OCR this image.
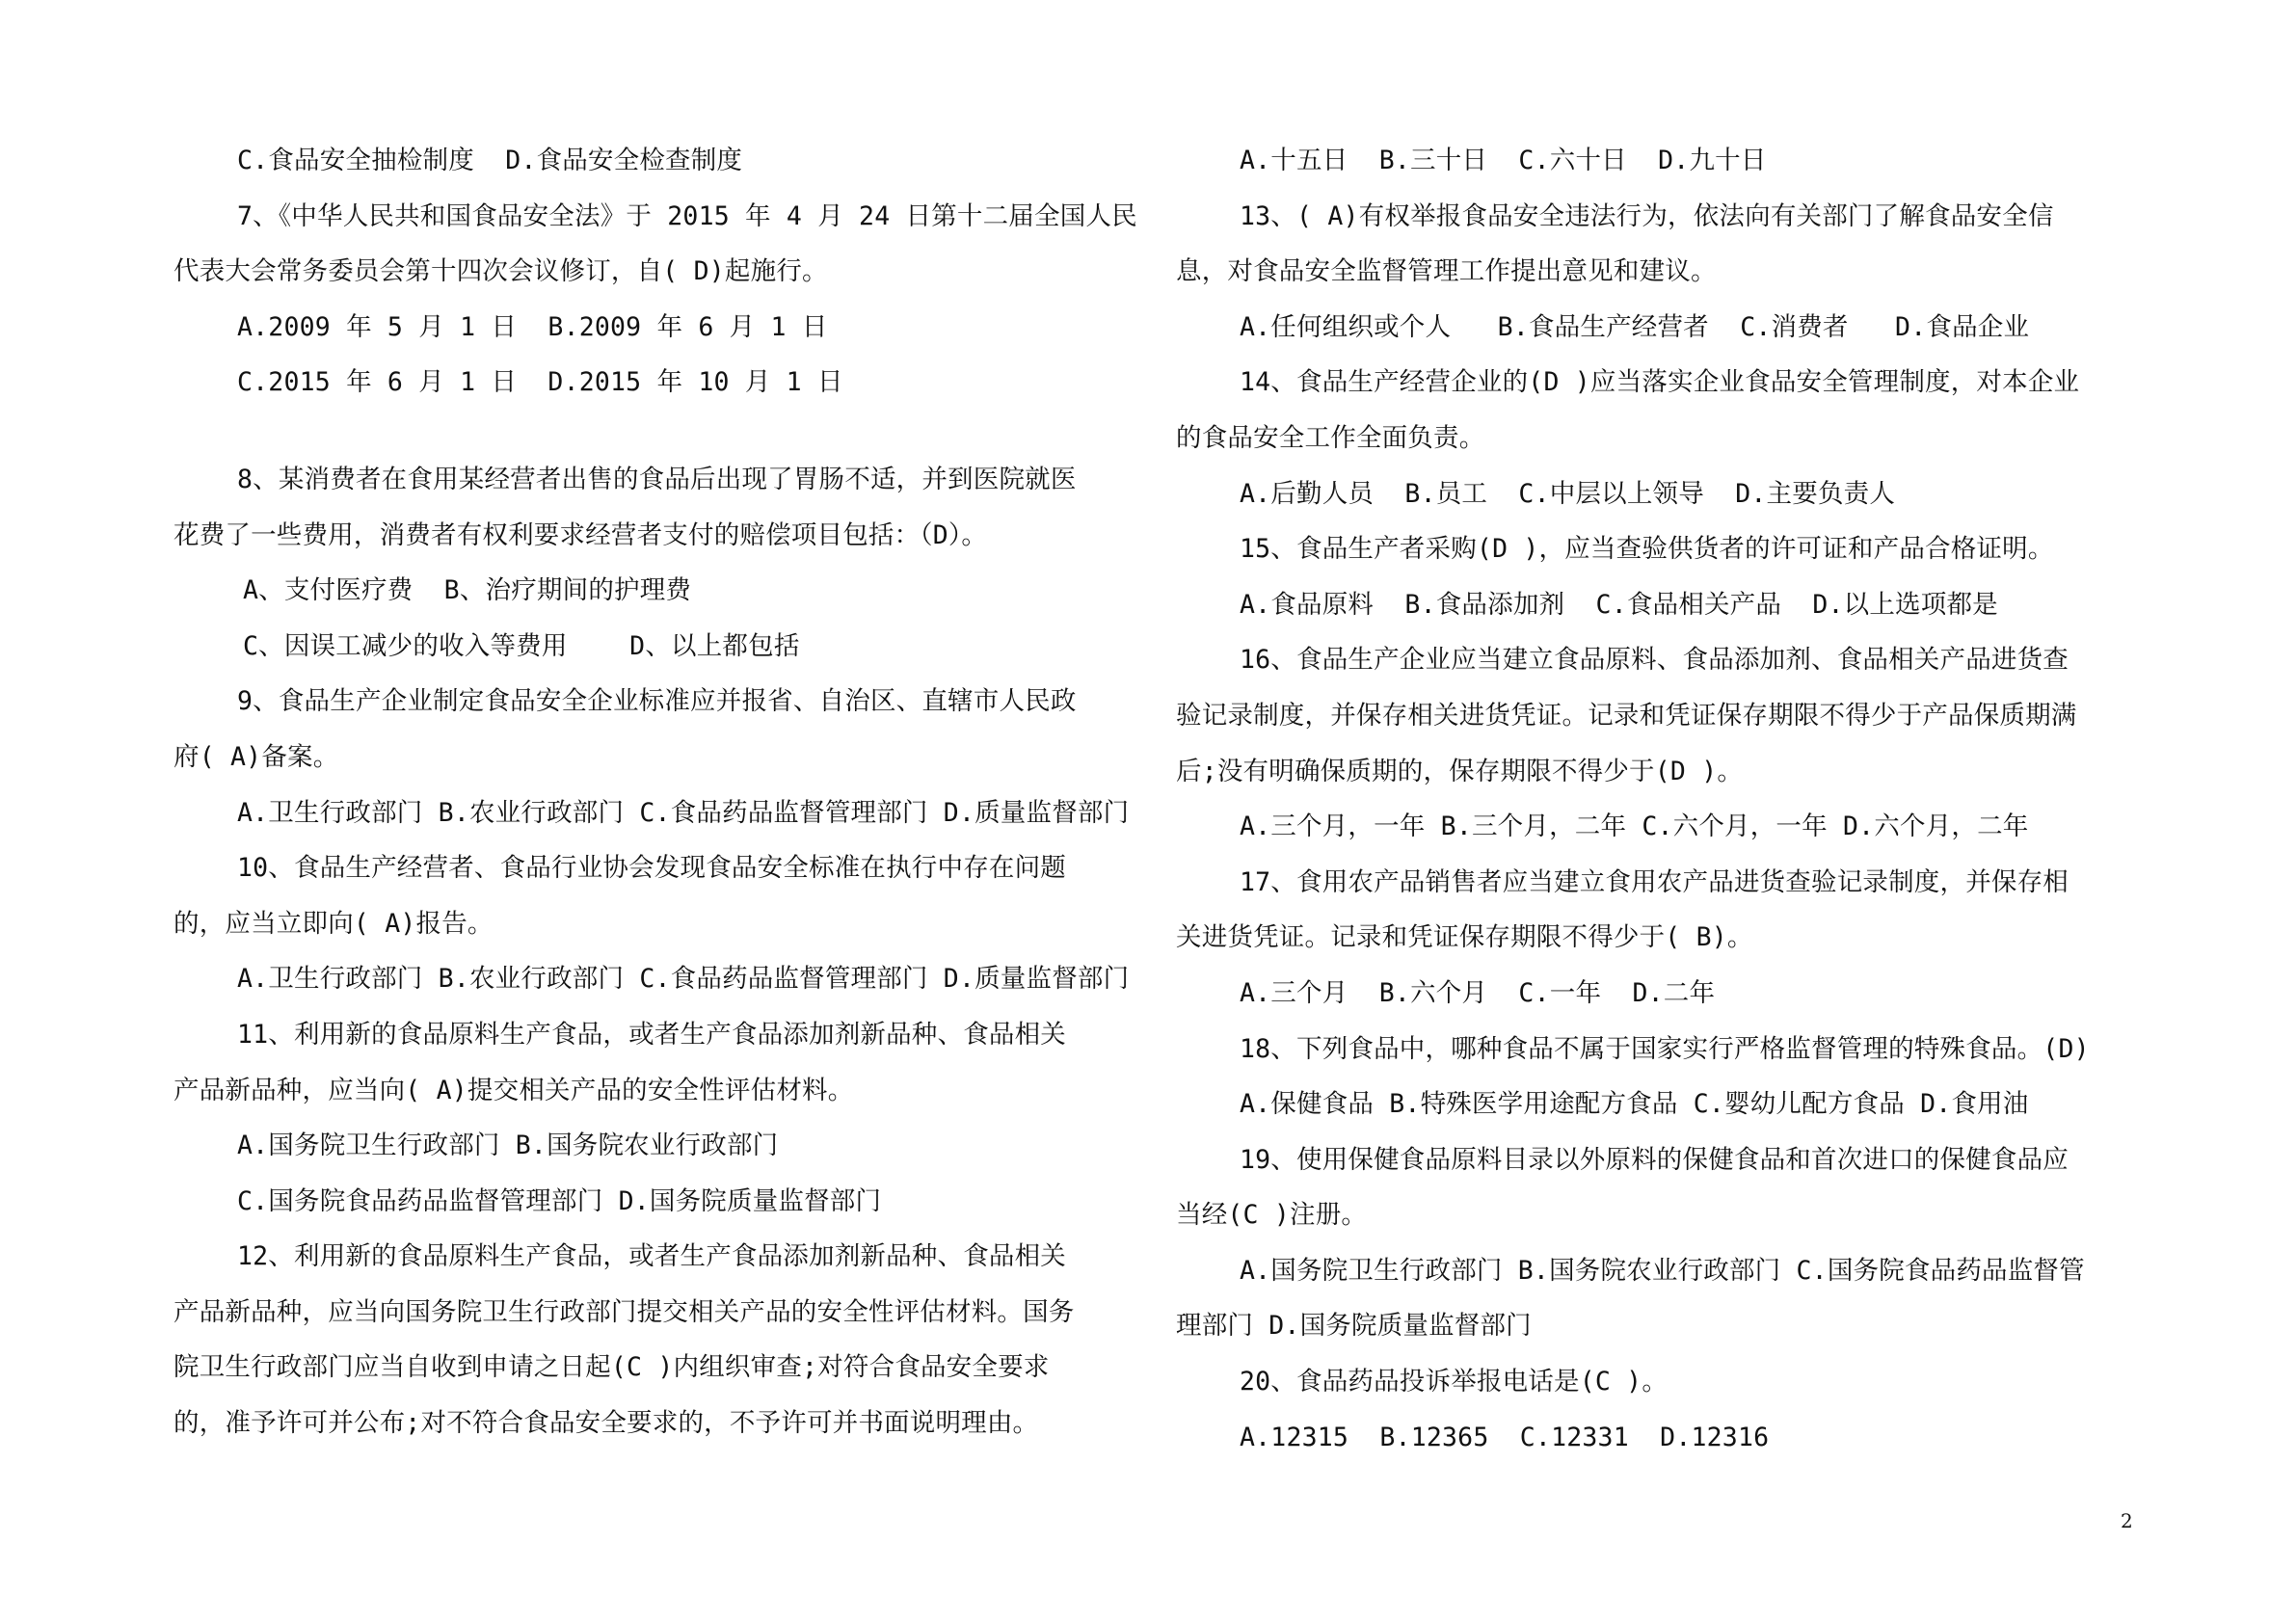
C.食品安全抽检制度  D.食品安全检查制度
7、《中华人民共和国食品安全法》于 2015 年 4 月 24 日第十二届全国人民
代表大会常务委员会第十四次会议修订，自( D)起施行。
A.2009 年 5 月 1 日  B.2009 年 6 月 1 日
C.2015 年 6 月 1 日  D.2015 年 10 月 1 日
8、某消费者在食用某经营者出售的食品后出现了胃肠不适，并到医院就医
花费了一些费用，消费者有权利要求经营者支付的赔偿项目包括：（D）。
A、支付医疗费  B、治疗期间的护理费
C、因误工减少的收入等费用    D、以上都包括
9、食品生产企业制定食品安全企业标准应并报省、自治区、直辖市人民政
府( A)备案。
A.卫生行政部门 B.农业行政部门 C.食品药品监督管理部门 D.质量监督部门
10、食品生产经营者、食品行业协会发现食品安全标准在执行中存在问题
的，应当立即向( A)报告。
A.卫生行政部门 B.农业行政部门 C.食品药品监督管理部门 D.质量监督部门
11、利用新的食品原料生产食品，或者生产食品添加剂新品种、食品相关
产品新品种，应当向( A)提交相关产品的安全性评估材料。
A.国务院卫生行政部门 B.国务院农业行政部门
C.国务院食品药品监督管理部门 D.国务院质量监督部门
12、利用新的食品原料生产食品，或者生产食品添加剂新品种、食品相关
产品新品种，应当向国务院卫生行政部门提交相关产品的安全性评估材料。国务
院卫生行政部门应当自收到申请之日起(C )内组织审查;对符合食品安全要求
的，准予许可并公布;对不符合食品安全要求的，不予许可并书面说明理由。
A.十五日  B.三十日  C.六十日  D.九十日
13、( A)有权举报食品安全违法行为，依法向有关部门了解食品安全信
息，对食品安全监督管理工作提出意见和建议。
A.任何组织或个人   B.食品生产经营者  C.消费者   D.食品企业
14、食品生产经营企业的(D )应当落实企业食品安全管理制度，对本企业
的食品安全工作全面负责。
A.后勤人员  B.员工  C.中层以上领导  D.主要负责人
15、食品生产者采购(D )，应当查验供货者的许可证和产品合格证明。
A.食品原料  B.食品添加剂  C.食品相关产品  D.以上选项都是
16、食品生产企业应当建立食品原料、食品添加剂、食品相关产品进货查
验记录制度，并保存相关进货凭证。记录和凭证保存期限不得少于产品保质期满
后;没有明确保质期的，保存期限不得少于(D )。
A.三个月，一年 B.三个月，二年 C.六个月，一年 D.六个月，二年
17、食用农产品销售者应当建立食用农产品进货查验记录制度，并保存相
关进货凭证。记录和凭证保存期限不得少于( B)。
A.三个月  B.六个月  C.一年  D.二年
18、下列食品中，哪种食品不属于国家实行严格监督管理的特殊食品。(D)
A.保健食品 B.特殊医学用途配方食品 C.婴幼儿配方食品 D.食用油
19、使用保健食品原料目录以外原料的保健食品和首次进口的保健食品应
当经(C )注册。
A.国务院卫生行政部门 B.国务院农业行政部门 C.国务院食品药品监督管
理部门 D.国务院质量监督部门
20、食品药品投诉举报电话是(C )。
A.12315  B.12365  C.12331  D.12316
2
